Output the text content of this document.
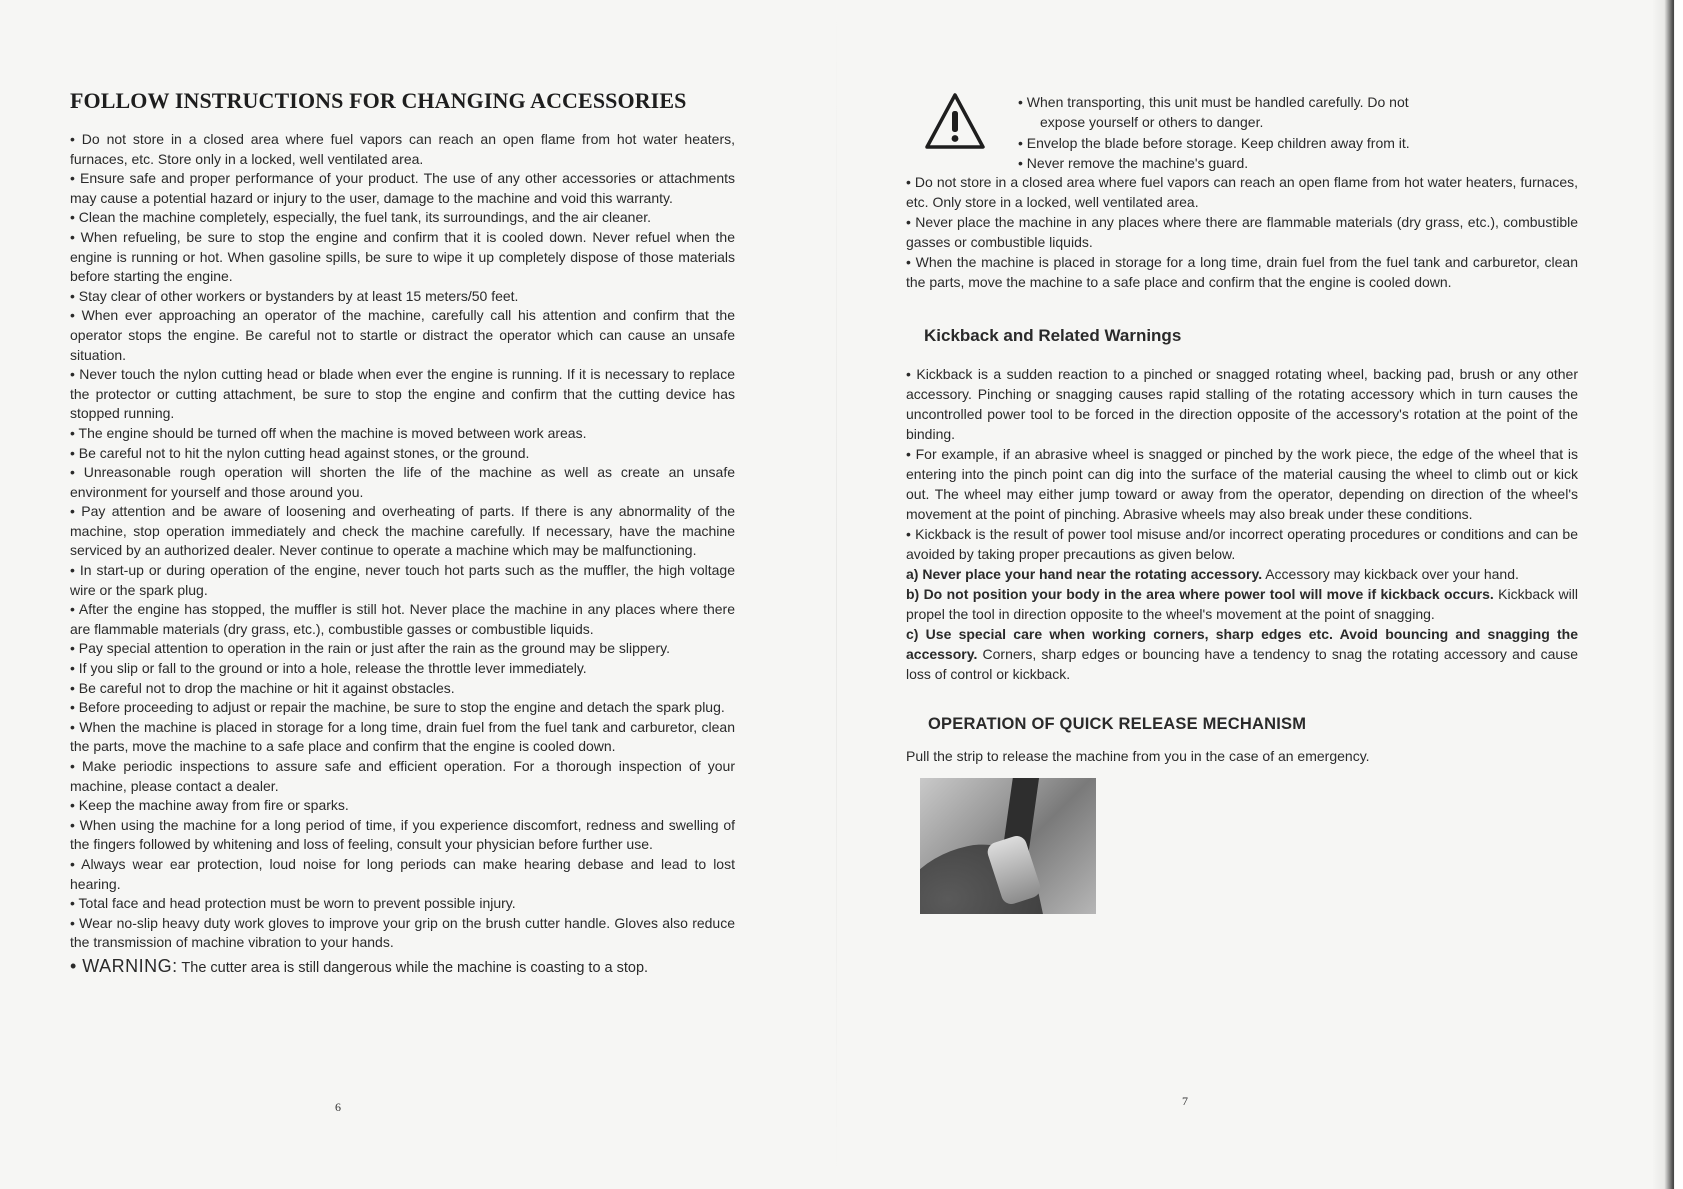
FOLLOW INSTRUCTIONS FOR CHANGING ACCESSORIES

• Do not store in a closed area where fuel vapors can reach an open flame from hot water heaters, furnaces, etc. Store only in a locked, well ventilated area.

• Ensure safe and proper performance of your product. The use of any other accessories or attachments may cause a potential hazard or injury to the user, damage to the machine and void this warranty.

• Clean the machine completely, especially, the fuel tank, its surroundings, and the air cleaner.

• When refueling, be sure to stop the engine and confirm that it is cooled down. Never refuel when the engine is running or hot. When gasoline spills, be sure to wipe it up completely dispose of those materials before starting the engine.

• Stay clear of other workers or bystanders by at least 15 meters/50 feet.

• When ever approaching an operator of the machine, carefully call his attention and confirm that the operator stops the engine. Be careful not to startle or distract the operator which can cause an unsafe situation.

• Never touch the nylon cutting head or blade when ever the engine is running. If it is necessary to replace the protector or cutting attachment, be sure to stop the engine and confirm that the cutting device has stopped running.

• The engine should be turned off when the machine is moved between work areas.

• Be careful not to hit the nylon cutting head against stones, or the ground.

• Unreasonable rough operation will shorten the life of the machine as well as create an unsafe environment for yourself and those around you.

• Pay attention and be aware of loosening and overheating of parts. If there is any abnormality of the machine, stop operation immediately and check the machine carefully. If necessary, have the machine serviced by an authorized dealer. Never continue to operate a machine which may be malfunctioning.

• In start-up or during operation of the engine, never touch hot parts such as the muffler, the high voltage wire or the spark plug.

• After the engine has stopped, the muffler is still hot. Never place the machine in any places where there are flammable materials (dry grass, etc.), combustible gasses or combustible liquids.

• Pay special attention to operation in the rain or just after the rain as the ground may be slippery.

• If you slip or fall to the ground or into a hole, release the throttle lever immediately.

• Be careful not to drop the machine or hit it against obstacles.

• Before proceeding to adjust or repair the machine, be sure to stop the engine and detach the spark plug.

• When the machine is placed in storage for a long time, drain fuel from the fuel tank and carburetor, clean the parts, move the machine to a safe place and confirm that the engine is cooled down.

• Make periodic inspections to assure safe and efficient operation. For a thorough inspection of your machine, please contact a dealer.

• Keep the machine away from fire or sparks.

• When using the machine for a long period of time, if you experience discomfort, redness and swelling of the fingers followed by whitening and loss of feeling, consult your physician before further use.

• Always wear ear protection, loud noise for long periods can make hearing debase and lead to lost hearing.

• Total face and head protection must be worn to prevent possible injury.

• Wear no-slip heavy duty work gloves to improve your grip on the brush cutter handle. Gloves also reduce the transmission of machine vibration to your hands.

• WARNING: The cutter area is still dangerous while the machine is coasting to a stop.

6
• When transporting, this unit must be handled carefully. Do not
expose yourself or others to danger.
• Envelop the blade before storage. Keep children away from it.
• Never remove the machine's guard.

• Do not store in a closed area where fuel vapors can reach an open flame from hot water heaters, furnaces, etc. Only store in a locked, well ventilated area.

• Never place the machine in any places where there are flammable materials (dry grass, etc.), combustible gasses or combustible liquids.

• When the machine is placed in storage for a long time, drain fuel from the fuel tank and carburetor, clean the parts, move the machine to a safe place and confirm that the engine is cooled down.

Kickback and Related Warnings

• Kickback is a sudden reaction to a pinched or snagged rotating wheel, backing pad, brush or any other accessory. Pinching or snagging causes rapid stalling of the rotating accessory which in turn causes the uncontrolled power tool to be forced in the direction opposite of the accessory's rotation at the point of the binding.

• For example, if an abrasive wheel is snagged or pinched by the work piece, the edge of the wheel that is entering into the pinch point can dig into the surface of the material causing the wheel to climb out or kick out. The wheel may either jump toward or away from the operator, depending on direction of the wheel's movement at the point of pinching. Abrasive wheels may also break under these conditions.

• Kickback is the result of power tool misuse and/or incorrect operating procedures or conditions and can be avoided by taking proper precautions as given below.

a) Never place your hand near the rotating accessory. Accessory may kickback over your hand.

b) Do not position your body in the area where power tool will move if kickback occurs. Kickback will propel the tool in direction opposite to the wheel's movement at the point of snagging.

c) Use special care when working corners, sharp edges etc. Avoid bouncing and snagging the accessory. Corners, sharp edges or bouncing have a tendency to snag the rotating accessory and cause loss of control or kickback.

OPERATION OF QUICK RELEASE MECHANISM

Pull the strip to release the machine from you in the case of an emergency.

7
